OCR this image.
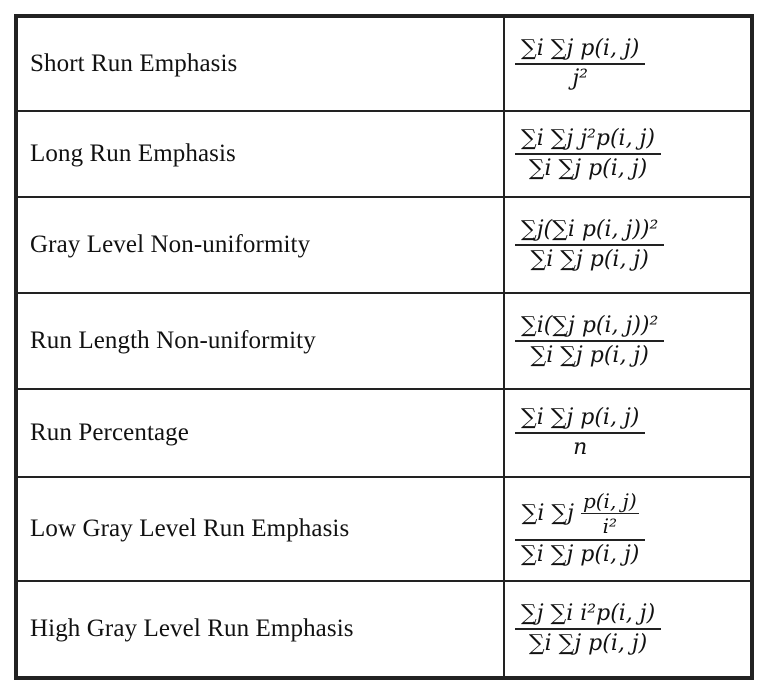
Short Run Emphasis	$\frac{\text{∑i ∑j p(i, j)}}{\text{j²}}$

Long Run Emphasis	$\frac{\text{∑i ∑j j²p(i, j)}}{\text{∑i ∑j p(i, j)}}$

Gray Level Non-uniformity	$\frac{\text{∑j(∑i p(i, j))²}}{\text{∑i ∑j p(i, j)}}$

Run Length Non-uniformity	$\frac{\text{∑i(∑j p(i, j))²}}{\text{∑i ∑j p(i, j)}}$

Run Percentage	$\frac{\text{∑i ∑j p(i, j)}}{n}$

Low Gray Level Run Emphasis	∑i $\sum j \frac{p(i, j)}{\text{i²}}$
∑i ∑j p(i, j)

High Gray Level Run Emphasis	$\frac{\text{∑j ∑i i²p(i, j)}}{\text{∑i ∑j p(i, j)}}$
